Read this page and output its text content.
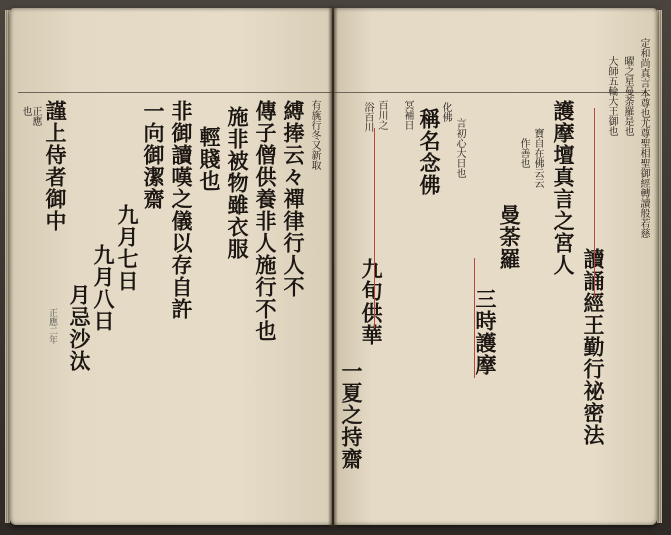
有旐行冬又新取
縛捧云々禪律行人不
傳子僧供養非人施行不也
施非被物雖衣服
輕賤也
非御讀嘆之儀以存自許
一向御潔齋
九月七日
九月八日
月忌沙汰
謹上侍者御中
正應
也
正應二年
定和尚真言本尊也尤尊聖相聖御經轉讀般若慈
曜之星曼荼羅是也
大師五輪大王御也
讀誦經王勤行祕密法
護摩壇真言之宮人
寶自在佛云云
作善也
曼荼羅
三時護摩
言初心大日也
化佛
稱名念佛
冥補日
百川之
九旬供華
一夏之持齋
浴百川
